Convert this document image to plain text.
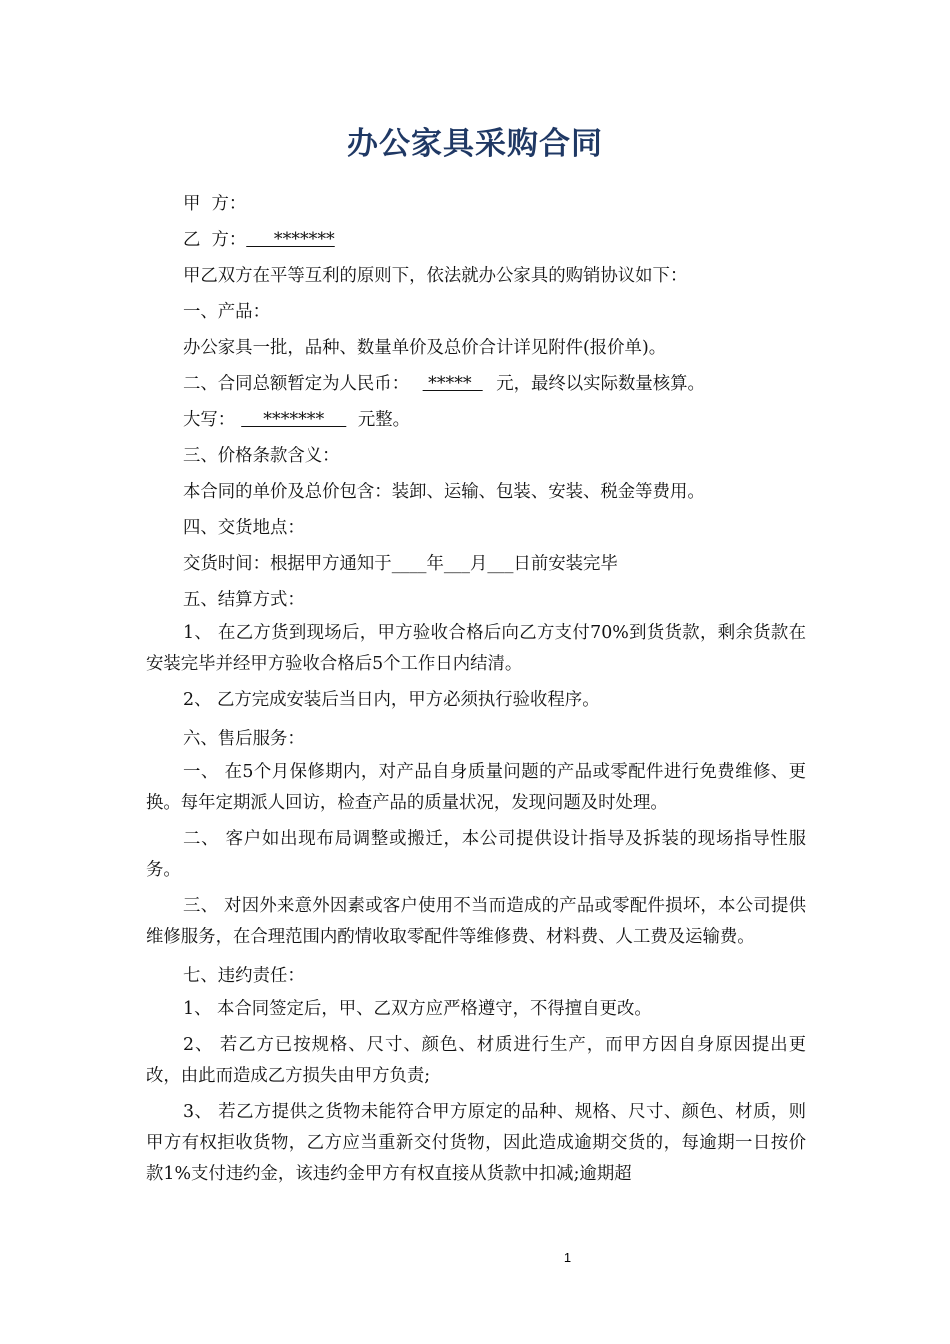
办公家具采购合同
甲  方：
乙  方：     *******
甲乙双方在平等互利的原则下，依法就办公家具的购销协议如下：
一、产品：
办公家具一批，品种、数量单价及总价合计详见附件(报价单)。
二、合同总额暂定为人民币：  *****   元，最终以实际数量核算。
大写：    *******     元整。
三、价格条款含义：
本合同的单价及总价包含：装卸、运输、包装、安装、税金等费用。
四、交货地点：
交货时间：根据甲方通知于____年___月___日前安装完毕
五、结算方式：
1、 在乙方货到现场后，甲方验收合格后向乙方支付70%到货货款，剩余货款在安装完毕并经甲方验收合格后5个工作日内结清。
2、 乙方完成安装后当日内，甲方必须执行验收程序。
六、售后服务：
一、 在5个月保修期内，对产品自身质量问题的产品或零配件进行免费维修、更换。每年定期派人回访，检查产品的质量状况，发现问题及时处理。
二、 客户如出现布局调整或搬迁，本公司提供设计指导及拆装的现场指导性服务。
三、 对因外来意外因素或客户使用不当而造成的产品或零配件损坏，本公司提供维修服务，在合理范围内酌情收取零配件等维修费、材料费、人工费及运输费。
七、违约责任：
1、 本合同签定后，甲、乙双方应严格遵守，不得擅自更改。
2、 若乙方已按规格、尺寸、颜色、材质进行生产，而甲方因自身原因提出更改，由此而造成乙方损失由甲方负责;
3、 若乙方提供之货物未能符合甲方原定的品种、规格、尺寸、颜色、材质，则甲方有权拒收货物，乙方应当重新交付货物，因此造成逾期交货的，每逾期一日按价款1%支付违约金，该违约金甲方有权直接从货款中扣减;逾期超
1
